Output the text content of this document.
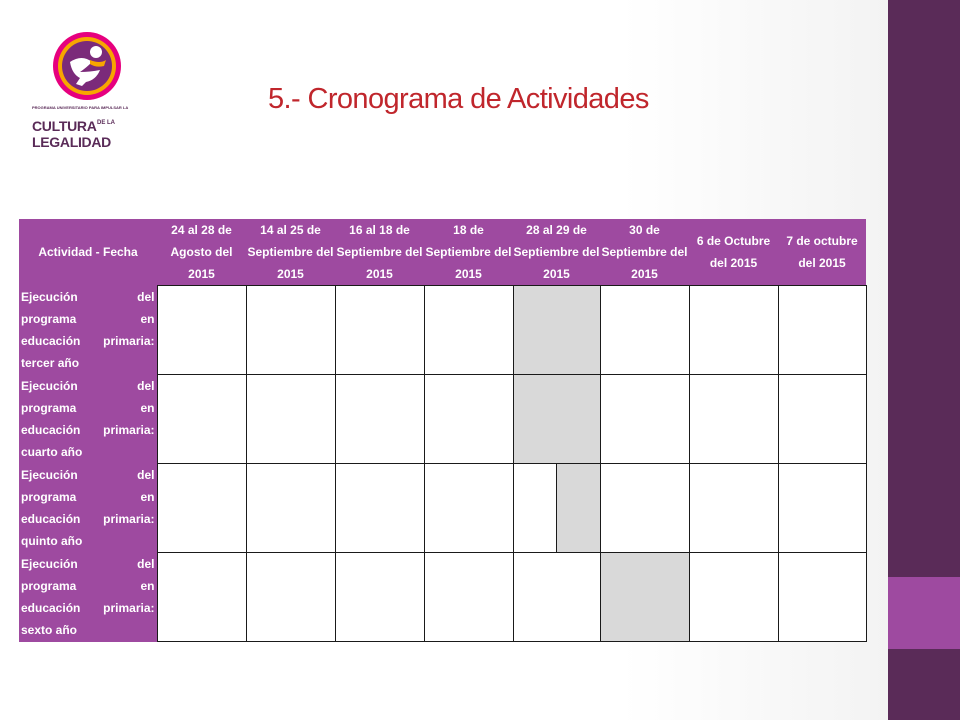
PROGRAMA UNIVERSITARIO PARA IMPULSAR LA
CULTURA DE LA
LEGALIDAD
5.- Cronograma de Actividades
Actividad - Fecha	24 al 28 de Agosto del 2015	14 al 25 de Septiembre del 2015	16 al 18 de Septiembre del 2015	18 de Septiembre del 2015	28 al 29 de Septiembre del 2015	30 de Septiembre del 2015	6 de Octubre del 2015	7 de octubre del 2015
Ejecución del programa en educación primaria: tercer año								
Ejecución del programa en educación primaria: cuarto año								
Ejecución del programa en educación primaria: quinto año					

Ejecución del programa en educación primaria: sexto año								
